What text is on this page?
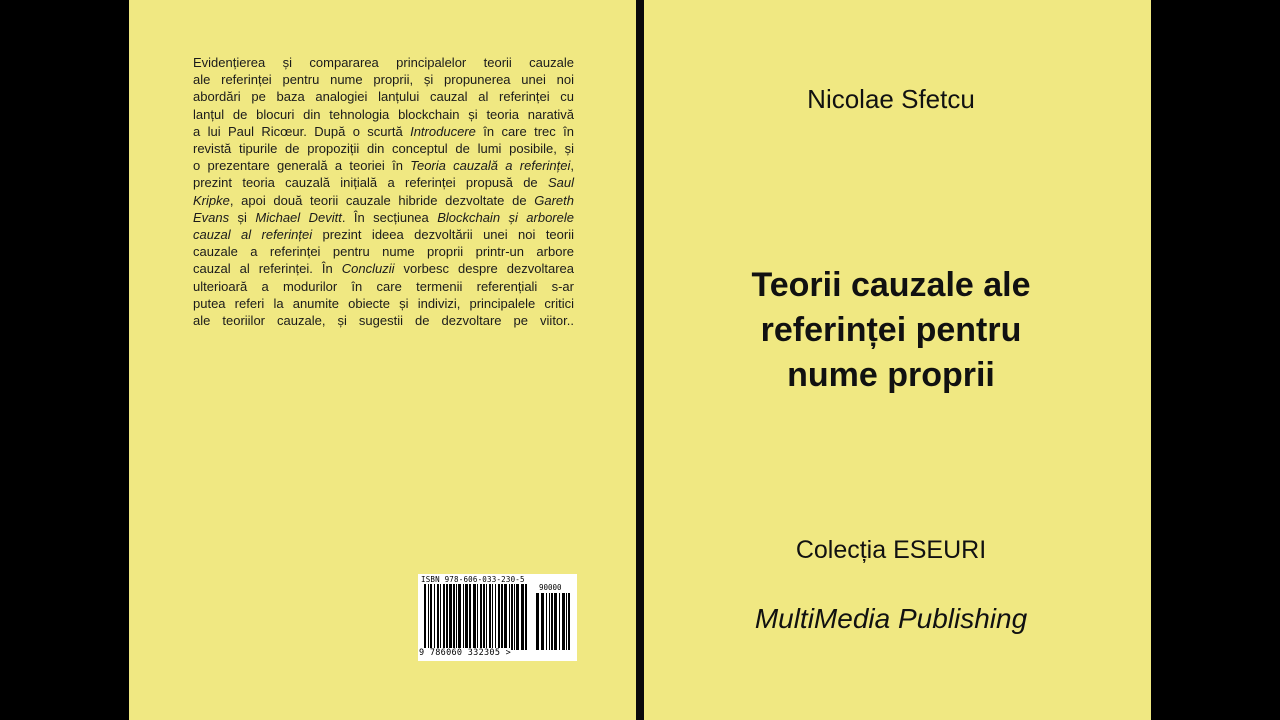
Evidențierea și compararea principalelor teorii cauzale
ale referinței pentru nume proprii, și propunerea unei noi
abordări pe baza analogiei lanțului cauzal al referinței cu
lanțul de blocuri din tehnologia blockchain și teoria narativă
a lui Paul Ricœur. După o scurtă Introducere în care trec în
revistă tipurile de propoziții din conceptul de lumi posibile, și
o prezentare generală a teoriei în Teoria cauzală a referinței,
prezint teoria cauzală inițială a referinței propusă de Saul
Kripke, apoi două teorii cauzale hibride dezvoltate de Gareth
Evans și Michael Devitt. În secțiunea Blockchain și arborele
cauzal al referinței prezint ideea dezvoltării unei noi teorii
cauzale a referinței pentru nume proprii printr-un arbore
cauzal al referinței. În Concluzii vorbesc despre dezvoltarea
ulterioară a modurilor în care termenii referențiali s-ar
putea referi la anumite obiecte și indivizi, principalele critici
ale teoriilor cauzale, și sugestii de dezvoltare pe viitor..
ISBN 978-606-033-230-5
90000
9 786060 332305 >
Nicolae Sfetcu
Teorii cauzale ale
referinței pentru
nume proprii
Colecția ESEURI
MultiMedia Publishing
